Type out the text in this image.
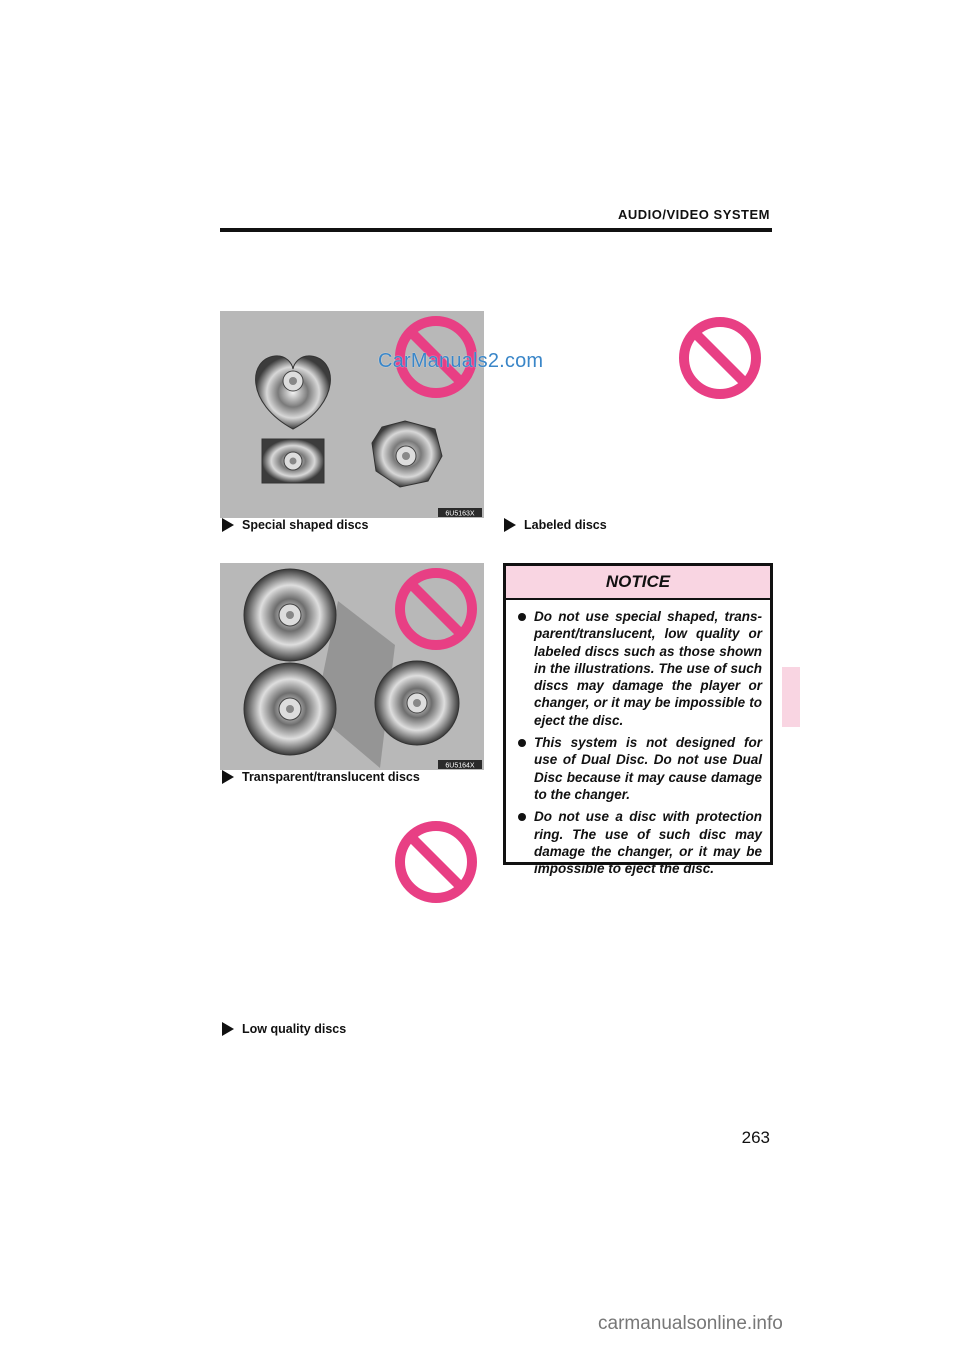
AUDIO/VIDEO SYSTEM
6U5163X
CarManuals2.com
Special shaped discs	Labeled discs
6U5164X
Transparent/translucent discs
Low quality discs
NOTICE
Do not use special shaped, trans-parent/translucent, low quality or labeled discs such as those shown in the illustrations. The use of such discs may damage the player or changer, or it may be impossible to eject the disc.
This system is not designed for use of Dual Disc. Do not use Dual Disc because it may cause damage to the changer.
Do not use a disc with protection ring. The use of such disc may damage the changer, or it may be impossible to eject the disc.
263
carmanualsonline.info
